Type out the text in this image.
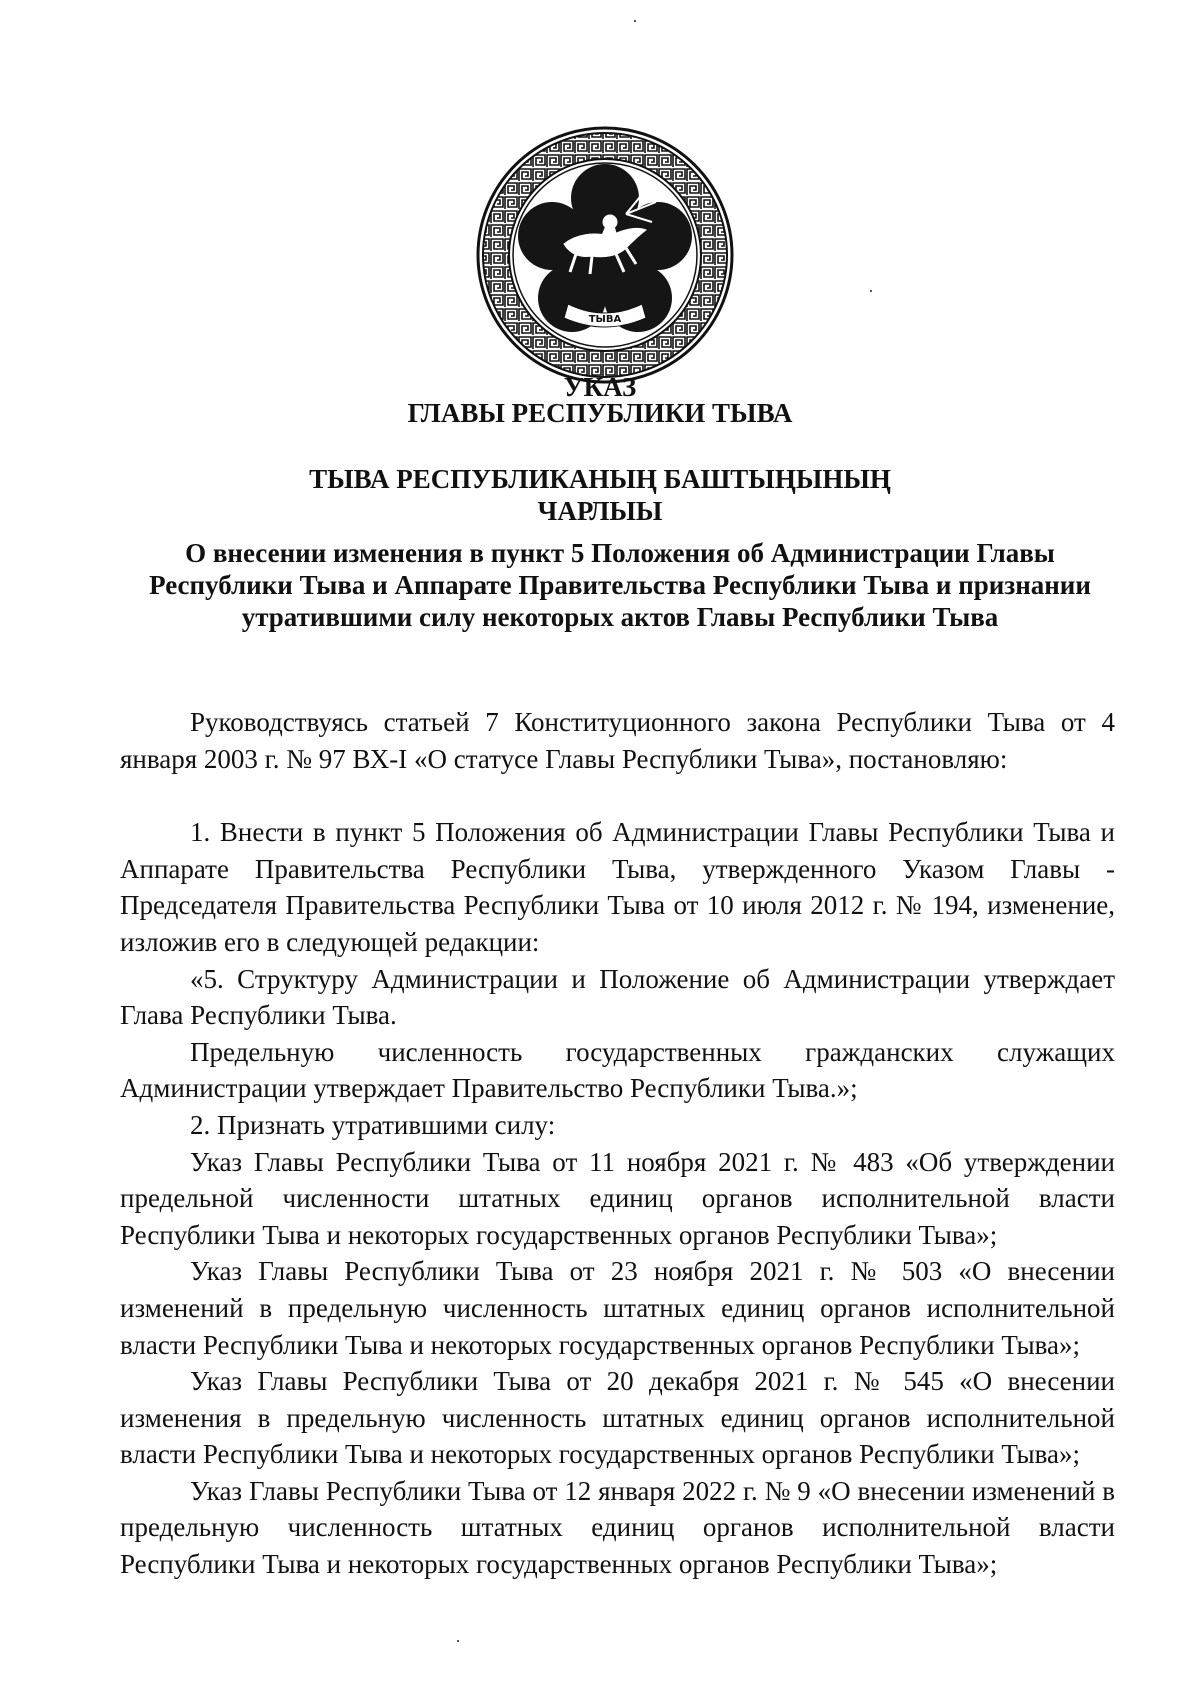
ТЫВА

УКАЗ

ГЛАВЫ РЕСПУБЛИКИ ТЫВА

ТЫВА РЕСПУБЛИКАНЫҢ БАШТЫҢЫНЫҢ

ЧАРЛЫЫ

О внесении изменения в пункт 5 Положения об Администрации Главы

Республики Тыва и Аппарате Правительства Республики Тыва и признании

утратившими силу некоторых актов Главы Республики Тыва

Руководствуясь статьей 7 Конституционного закона Республики Тыва от 4 января 2003 г. № 97 ВХ-I «О статусе Главы Республики Тыва», постановляю:

1. Внести в пункт 5 Положения об Администрации Главы Республики Тыва и Аппарате Правительства Республики Тыва, утвержденного Указом Главы - Председателя Правительства Республики Тыва от 10 июля 2012 г. № 194, изменение, изложив его в следующей редакции:

«5. Структуру Администрации и Положение об Администрации утверждает Глава Республики Тыва.

Предельную численность государственных гражданских служащих Администрации утверждает Правительство Республики Тыва.»;

2. Признать утратившими силу:

Указ Главы Республики Тыва от 11 ноября 2021 г. № 483 «Об утверждении предельной численности штатных единиц органов исполнительной власти Республики Тыва и некоторых государственных органов Республики Тыва»;

Указ Главы Республики Тыва от 23 ноября 2021 г. № 503 «О внесении изменений в предельную численность штатных единиц органов исполнительной власти Республики Тыва и некоторых государственных органов Республики Тыва»;

Указ Главы Республики Тыва от 20 декабря 2021 г. № 545 «О внесении изменения в предельную численность штатных единиц органов исполнительной власти Республики Тыва и некоторых государственных органов Республики Тыва»;

Указ Главы Республики Тыва от 12 января 2022 г. № 9 «О внесении изменений в предельную численность штатных единиц органов исполнительной власти Республики Тыва и некоторых государственных органов Республики Тыва»;
